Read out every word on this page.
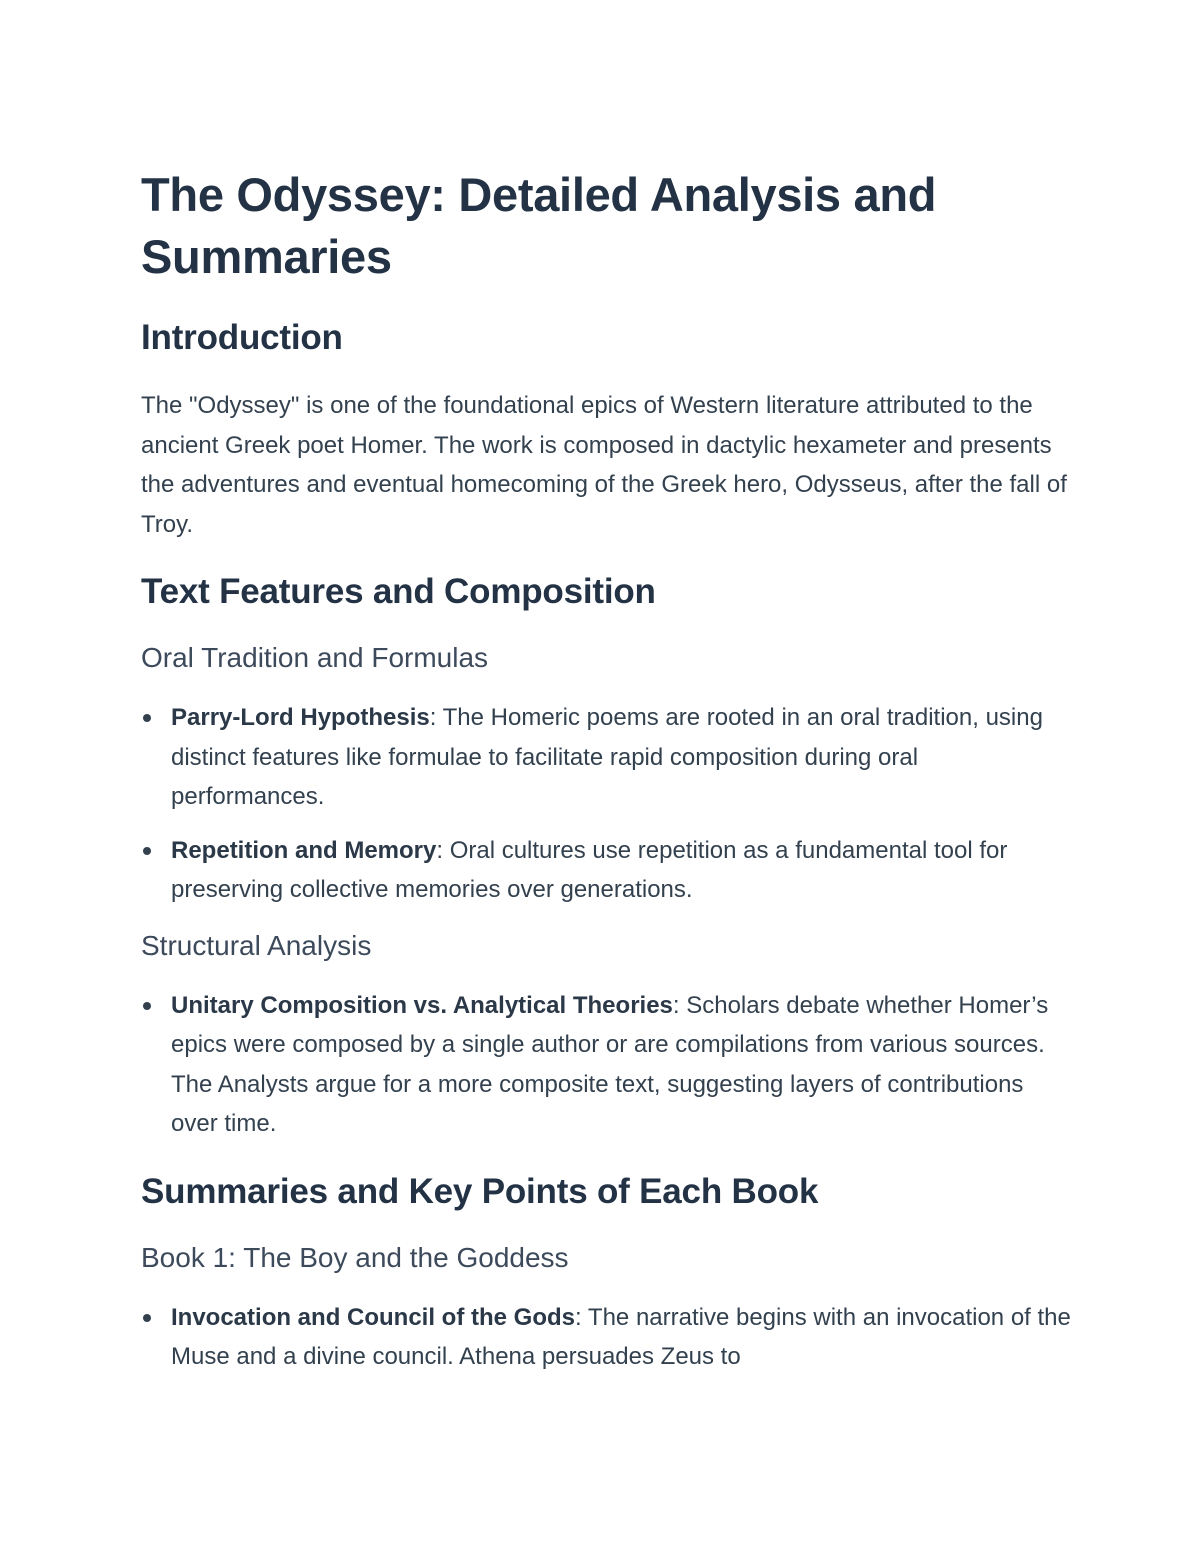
The Odyssey: Detailed Analysis and Summaries
Introduction

The "Odyssey" is one of the foundational epics of Western literature attributed to the ancient Greek poet Homer. The work is composed in dactylic hexameter and presents the adventures and eventual homecoming of the Greek hero, Odysseus, after the fall of Troy.

Text Features and Composition
Oral Tradition and Formulas
Parry-Lord Hypothesis: The Homeric poems are rooted in an oral tradition, using distinct features like formulae to facilitate rapid composition during oral performances.
Repetition and Memory: Oral cultures use repetition as a fundamental tool for preserving collective memories over generations.
Structural Analysis
Unitary Composition vs. Analytical Theories: Scholars debate whether Homer’s epics were composed by a single author or are compilations from various sources. The Analysts argue for a more composite text, suggesting layers of contributions over time.
Summaries and Key Points of Each Book
Book 1: The Boy and the Goddess
Invocation and Council of the Gods: The narrative begins with an invocation of the Muse and a divine council. Athena persuades Zeus to
